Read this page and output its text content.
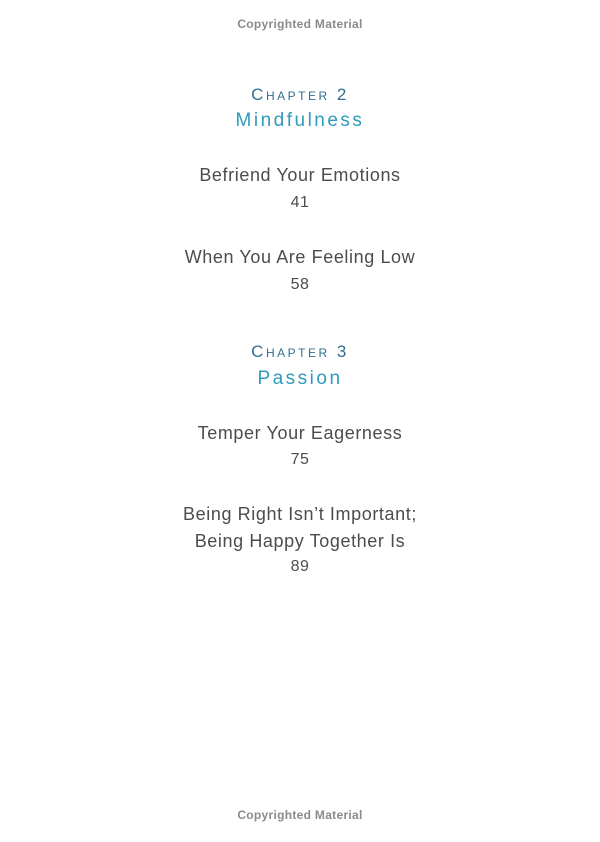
Copyrighted Material
Chapter 2
Mindfulness
Befriend Your Emotions
41
When You Are Feeling Low
58
Chapter 3
Passion
Temper Your Eagerness
75
Being Right Isn’t Important;
Being Happy Together Is
89
Copyrighted Material
